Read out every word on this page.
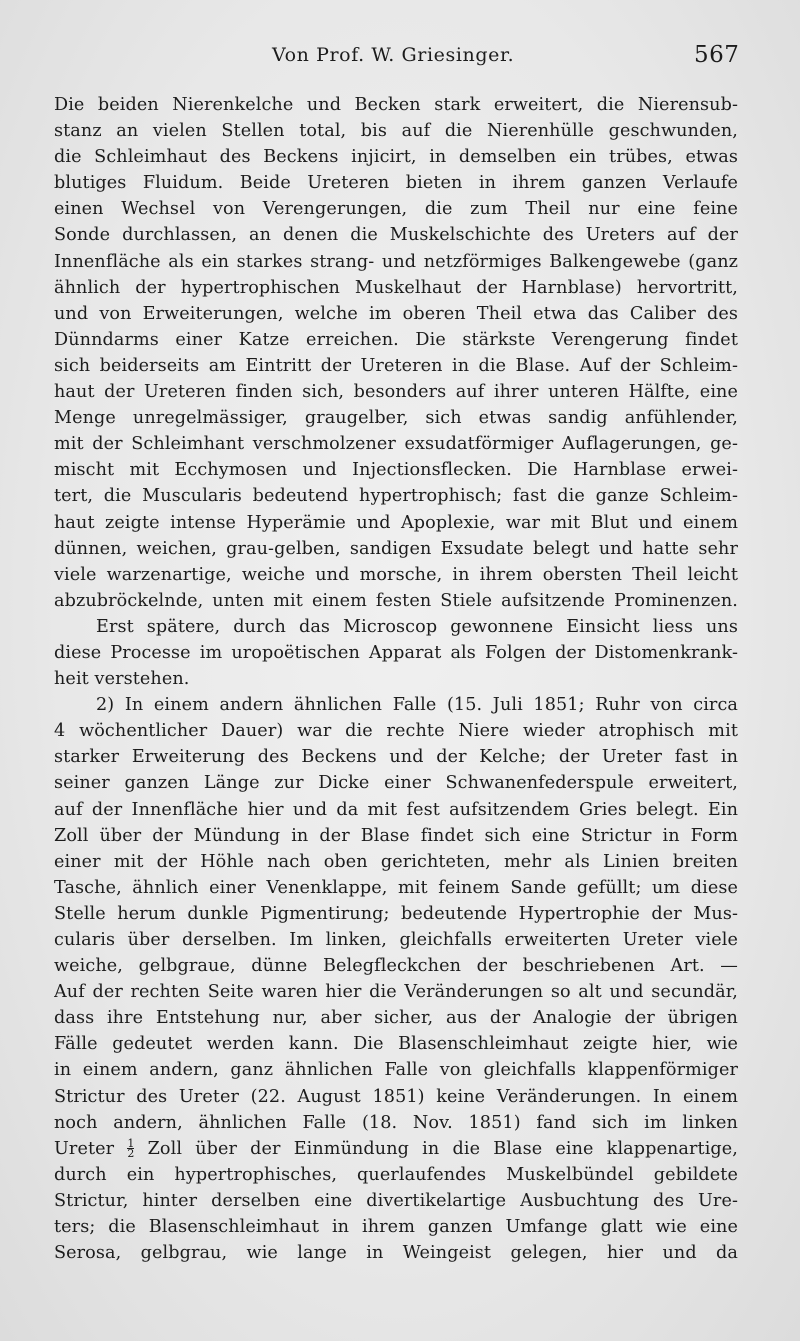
Von Prof. W. Griesinger.	567
Die beiden Nierenkelche und Becken stark erweitert, die Nierensub-
stanz an vielen Stellen total, bis auf die Nierenhülle geschwunden,
die Schleimhaut des Beckens injicirt, in demselben ein trübes, etwas
blutiges Fluidum. Beide Ureteren bieten in ihrem ganzen Verlaufe
einen Wechsel von Verengerungen, die zum Theil nur eine feine
Sonde durchlassen, an denen die Muskelschichte des Ureters auf der
Innenfläche als ein starkes strang- und netzförmiges Balkengewebe (ganz
ähnlich der hypertrophischen Muskelhaut der Harnblase) hervortritt,
und von Erweiterungen, welche im oberen Theil etwa das Caliber des
Dünndarms einer Katze erreichen. Die stärkste Verengerung findet
sich beiderseits am Eintritt der Ureteren in die Blase. Auf der Schleim-
haut der Ureteren finden sich, besonders auf ihrer unteren Hälfte, eine
Menge unregelmässiger, graugelber, sich etwas sandig anfühlender,
mit der Schleimhant verschmolzener exsudatförmiger Auflagerungen, ge-
mischt mit Ecchymosen und Injectionsflecken. Die Harnblase erwei-
tert, die Muscularis bedeutend hypertrophisch; fast die ganze Schleim-
haut zeigte intense Hyperämie und Apoplexie, war mit Blut und einem
dünnen, weichen, grau-gelben, sandigen Exsudate belegt und hatte sehr
viele warzenartige, weiche und morsche, in ihrem obersten Theil leicht
abzubröckelnde, unten mit einem festen Stiele aufsitzende Prominenzen.
Erst spätere, durch das Microscop gewonnene Einsicht liess uns
diese Processe im uropoëtischen Apparat als Folgen der Distomenkrank-
heit verstehen.
2) In einem andern ähnlichen Falle (15. Juli 1851; Ruhr von circa
4 wöchentlicher Dauer) war die rechte Niere wieder atrophisch mit
starker Erweiterung des Beckens und der Kelche; der Ureter fast in
seiner ganzen Länge zur Dicke einer Schwanenfederspule erweitert,
auf der Innenfläche hier und da mit fest aufsitzendem Gries belegt. Ein
Zoll über der Mündung in der Blase findet sich eine Strictur in Form
einer mit der Höhle nach oben gerichteten, mehr als Linien breiten
Tasche, ähnlich einer Venenklappe, mit feinem Sande gefüllt; um diese
Stelle herum dunkle Pigmentirung; bedeutende Hypertrophie der Mus-
cularis über derselben. Im linken, gleichfalls erweiterten Ureter viele
weiche, gelbgraue, dünne Belegfleckchen der beschriebenen Art. —
Auf der rechten Seite waren hier die Veränderungen so alt und secundär,
dass ihre Entstehung nur, aber sicher, aus der Analogie der übrigen
Fälle gedeutet werden kann. Die Blasenschleimhaut zeigte hier, wie
in einem andern, ganz ähnlichen Falle von gleichfalls klappenförmiger
Strictur des Ureter (22. August 1851) keine Veränderungen. In einem
noch andern, ähnlichen Falle (18. Nov. 1851) fand sich im linken
Ureter $\frac{1}{2}$ Zoll über der Einmündung in die Blase eine klappenartige,
durch ein hypertrophisches, querlaufendes Muskelbündel gebildete
Strictur, hinter derselben eine divertikelartige Ausbuchtung des Ure-
ters; die Blasenschleimhaut in ihrem ganzen Umfange glatt wie eine
Serosa, gelbgrau, wie lange in Weingeist gelegen, hier und da
